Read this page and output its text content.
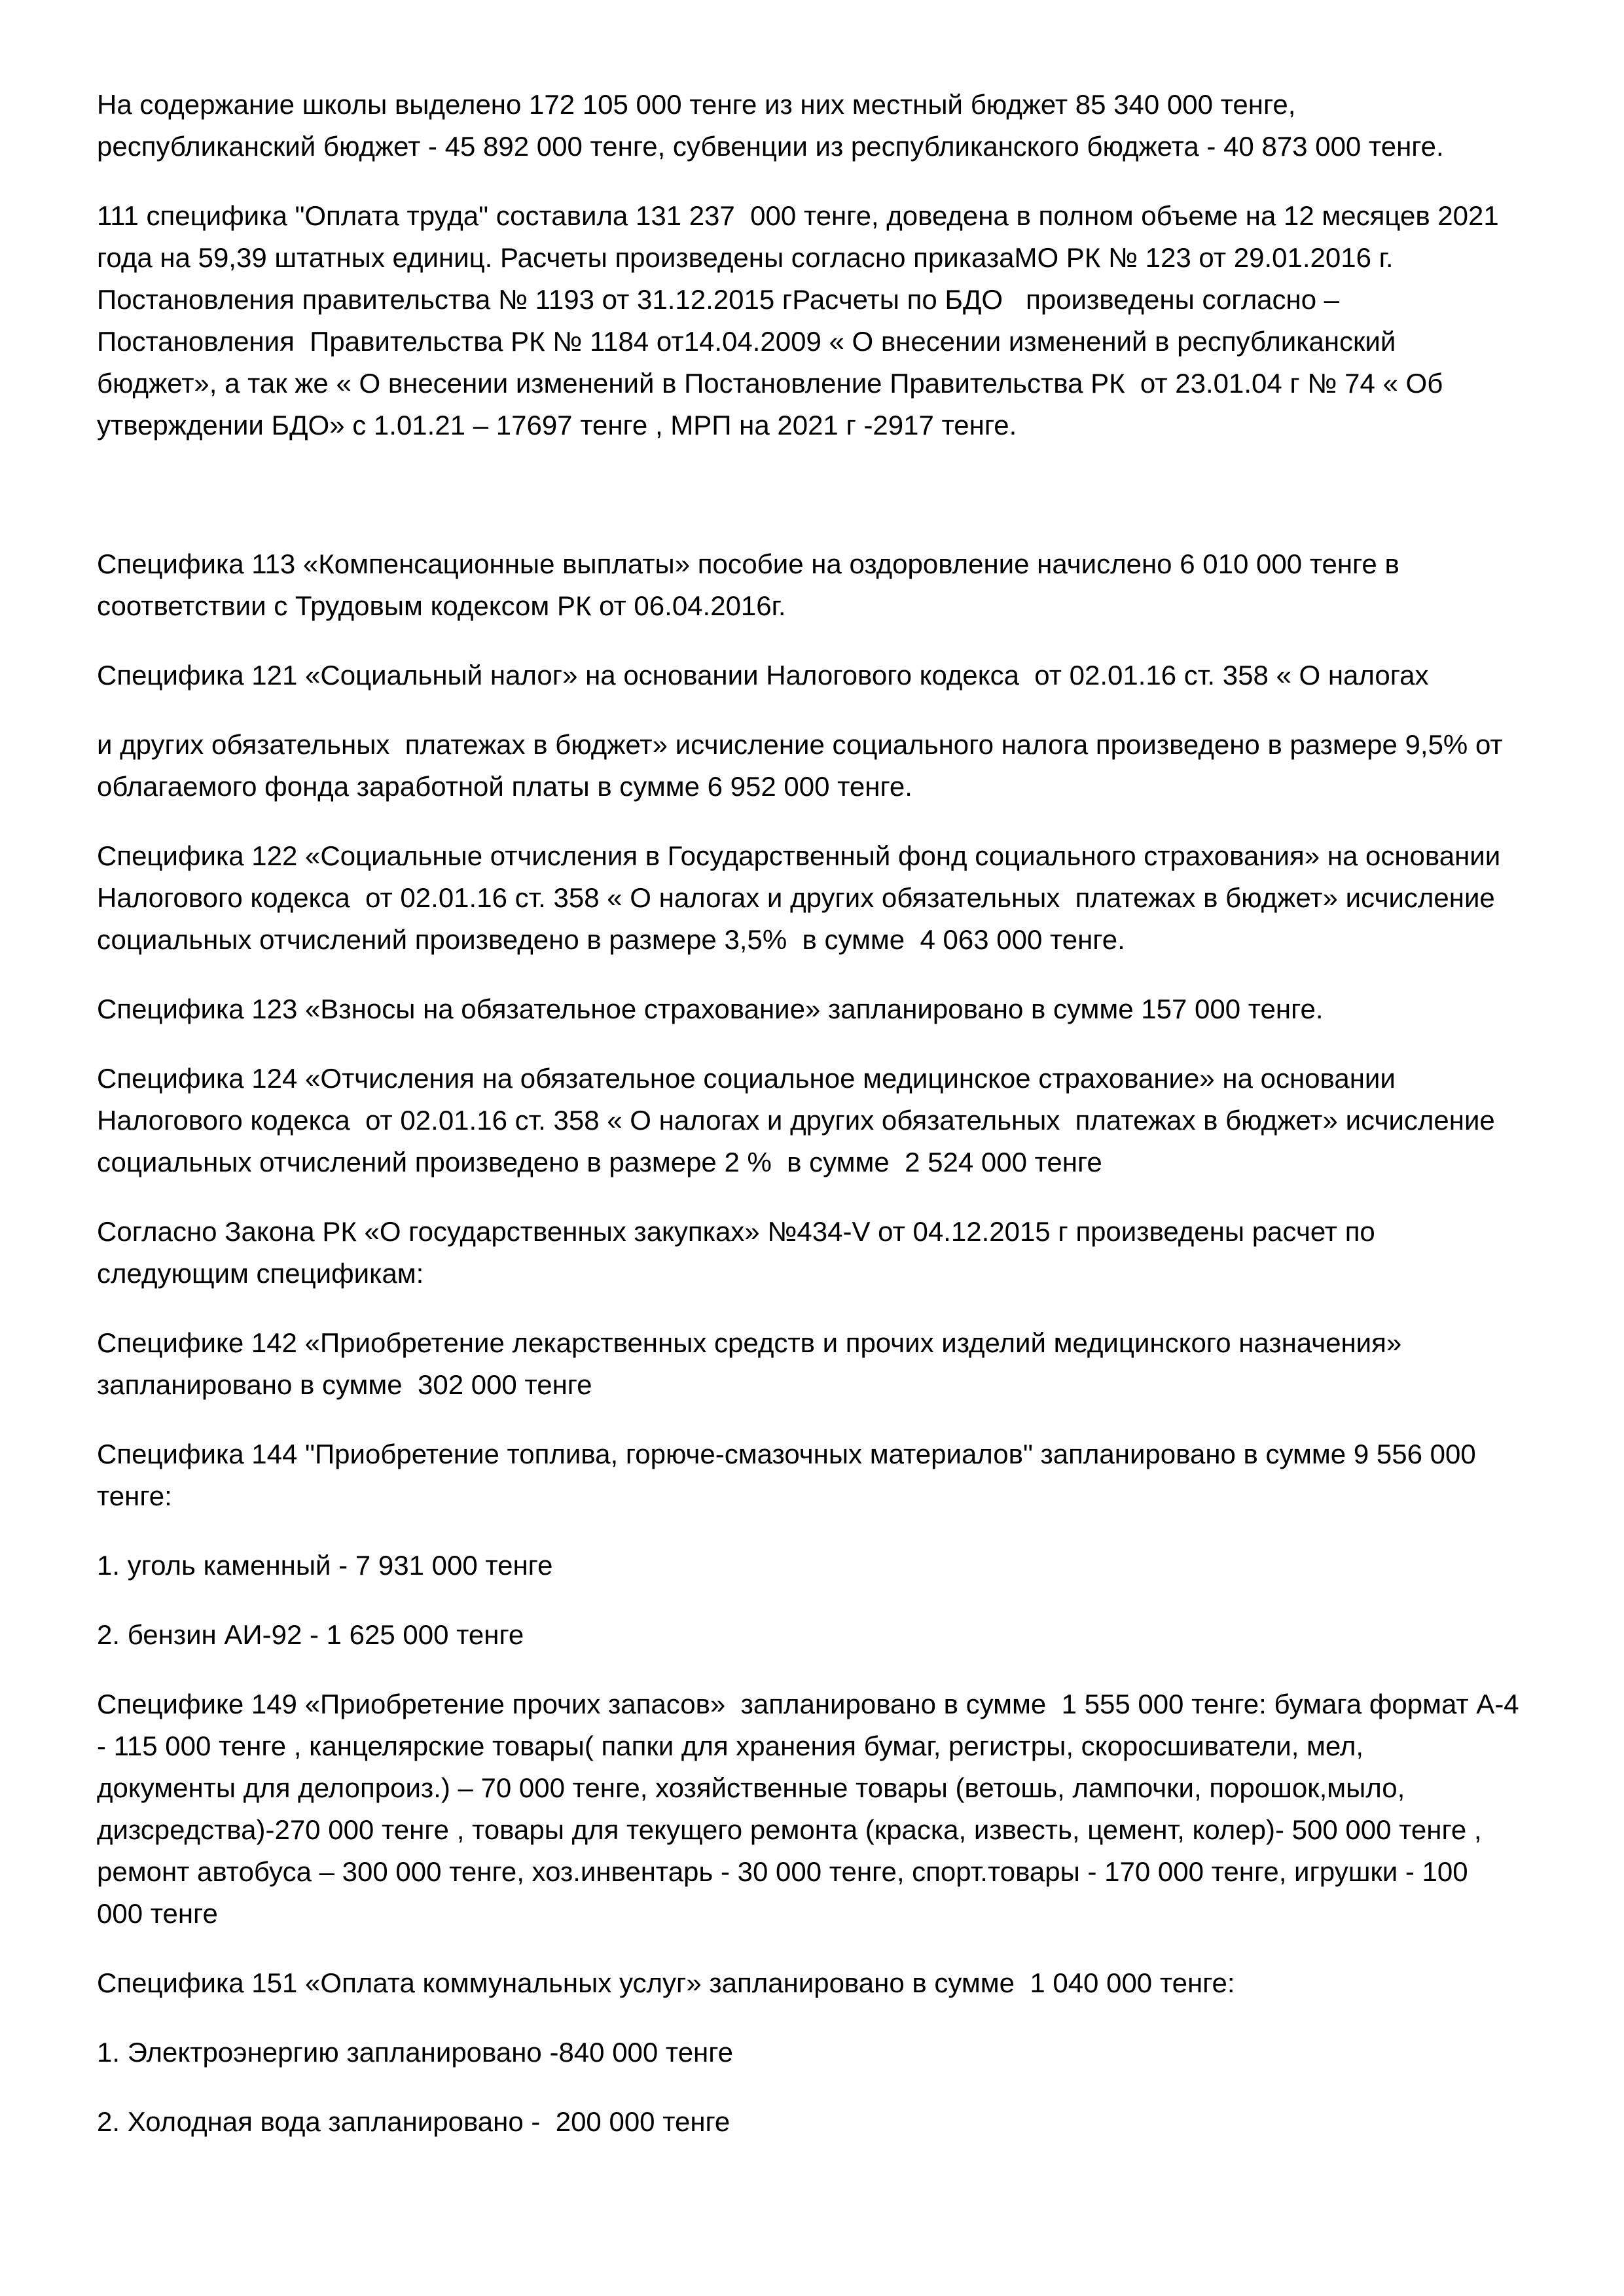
На содержание школы выделено 172 105 000 тенге из них местный бюджет 85 340 000 тенге,
республиканский бюджет - 45 892 000 тенге, субвенции из республиканского бюджета - 40 873 000 тенге.
111 специфика "Оплата труда" составила 131 237  000 тенге, доведена в полном объеме на 12 месяцев 2021
года на 59,39 штатных единиц. Расчеты произведены согласно приказаМО РК № 123 от 29.01.2016 г.
Постановления правительства № 1193 от 31.12.2015 гРасчеты по БДО   произведены согласно –
Постановления  Правительства РК № 1184 от14.04.2009 « О внесении изменений в республиканский
бюджет», а так же « О внесении изменений в Постановление Правительства РК  от 23.01.04 г № 74 « Об
утверждении БДО» с 1.01.21 – 17697 тенге , МРП на 2021 г -2917 тенге.
Специфика 113 «Компенсационные выплаты» пособие на оздоровление начислено 6 010 000 тенге в
соответствии с Трудовым кодексом РК от 06.04.2016г.
Специфика 121 «Социальный налог» на основании Налогового кодекса  от 02.01.16 ст. 358 « О налогах
и других обязательных  платежах в бюджет» исчисление социального налога произведено в размере 9,5% от
облагаемого фонда заработной платы в сумме 6 952 000 тенге.
Специфика 122 «Социальные отчисления в Государственный фонд социального страхования» на основании
Налогового кодекса  от 02.01.16 ст. 358 « О налогах и других обязательных  платежах в бюджет» исчисление
социальных отчислений произведено в размере 3,5%  в сумме  4 063 000 тенге.
Специфика 123 «Взносы на обязательное страхование» запланировано в сумме 157 000 тенге.
Специфика 124 «Отчисления на обязательное социальное медицинское страхование» на основании
Налогового кодекса  от 02.01.16 ст. 358 « О налогах и других обязательных  платежах в бюджет» исчисление
социальных отчислений произведено в размере 2 %  в сумме  2 524 000 тенге
Согласно Закона РК «О государственных закупках» №434-V от 04.12.2015 г произведены расчет по
следующим спецификам:
Специфике 142 «Приобретение лекарственных средств и прочих изделий медицинского назначения»
запланировано в сумме  302 000 тенге
Специфика 144 "Приобретение топлива, горюче-смазочных материалов" запланировано в сумме 9 556 000
тенге:
1. уголь каменный - 7 931 000 тенге
2. бензин АИ-92 - 1 625 000 тенге
Специфике 149 «Приобретение прочих запасов»  запланировано в сумме  1 555 000 тенге: бумага формат А-4
- 115 000 тенге , канцелярские товары( папки для хранения бумаг, регистры, скоросшиватели, мел,
документы для делопроиз.) – 70 000 тенге, хозяйственные товары (ветошь, лампочки, порошок,мыло,
дизсредства)-270 000 тенге , товары для текущего ремонта (краска, известь, цемент, колер)- 500 000 тенге ,
ремонт автобуса – 300 000 тенге, хоз.инвентарь - 30 000 тенге, спорт.товары - 170 000 тенге, игрушки - 100
000 тенге
Специфика 151 «Оплата коммунальных услуг» запланировано в сумме  1 040 000 тенге:
1. Электроэнергию запланировано -840 000 тенге
2. Холодная вода запланировано -  200 000 тенге
